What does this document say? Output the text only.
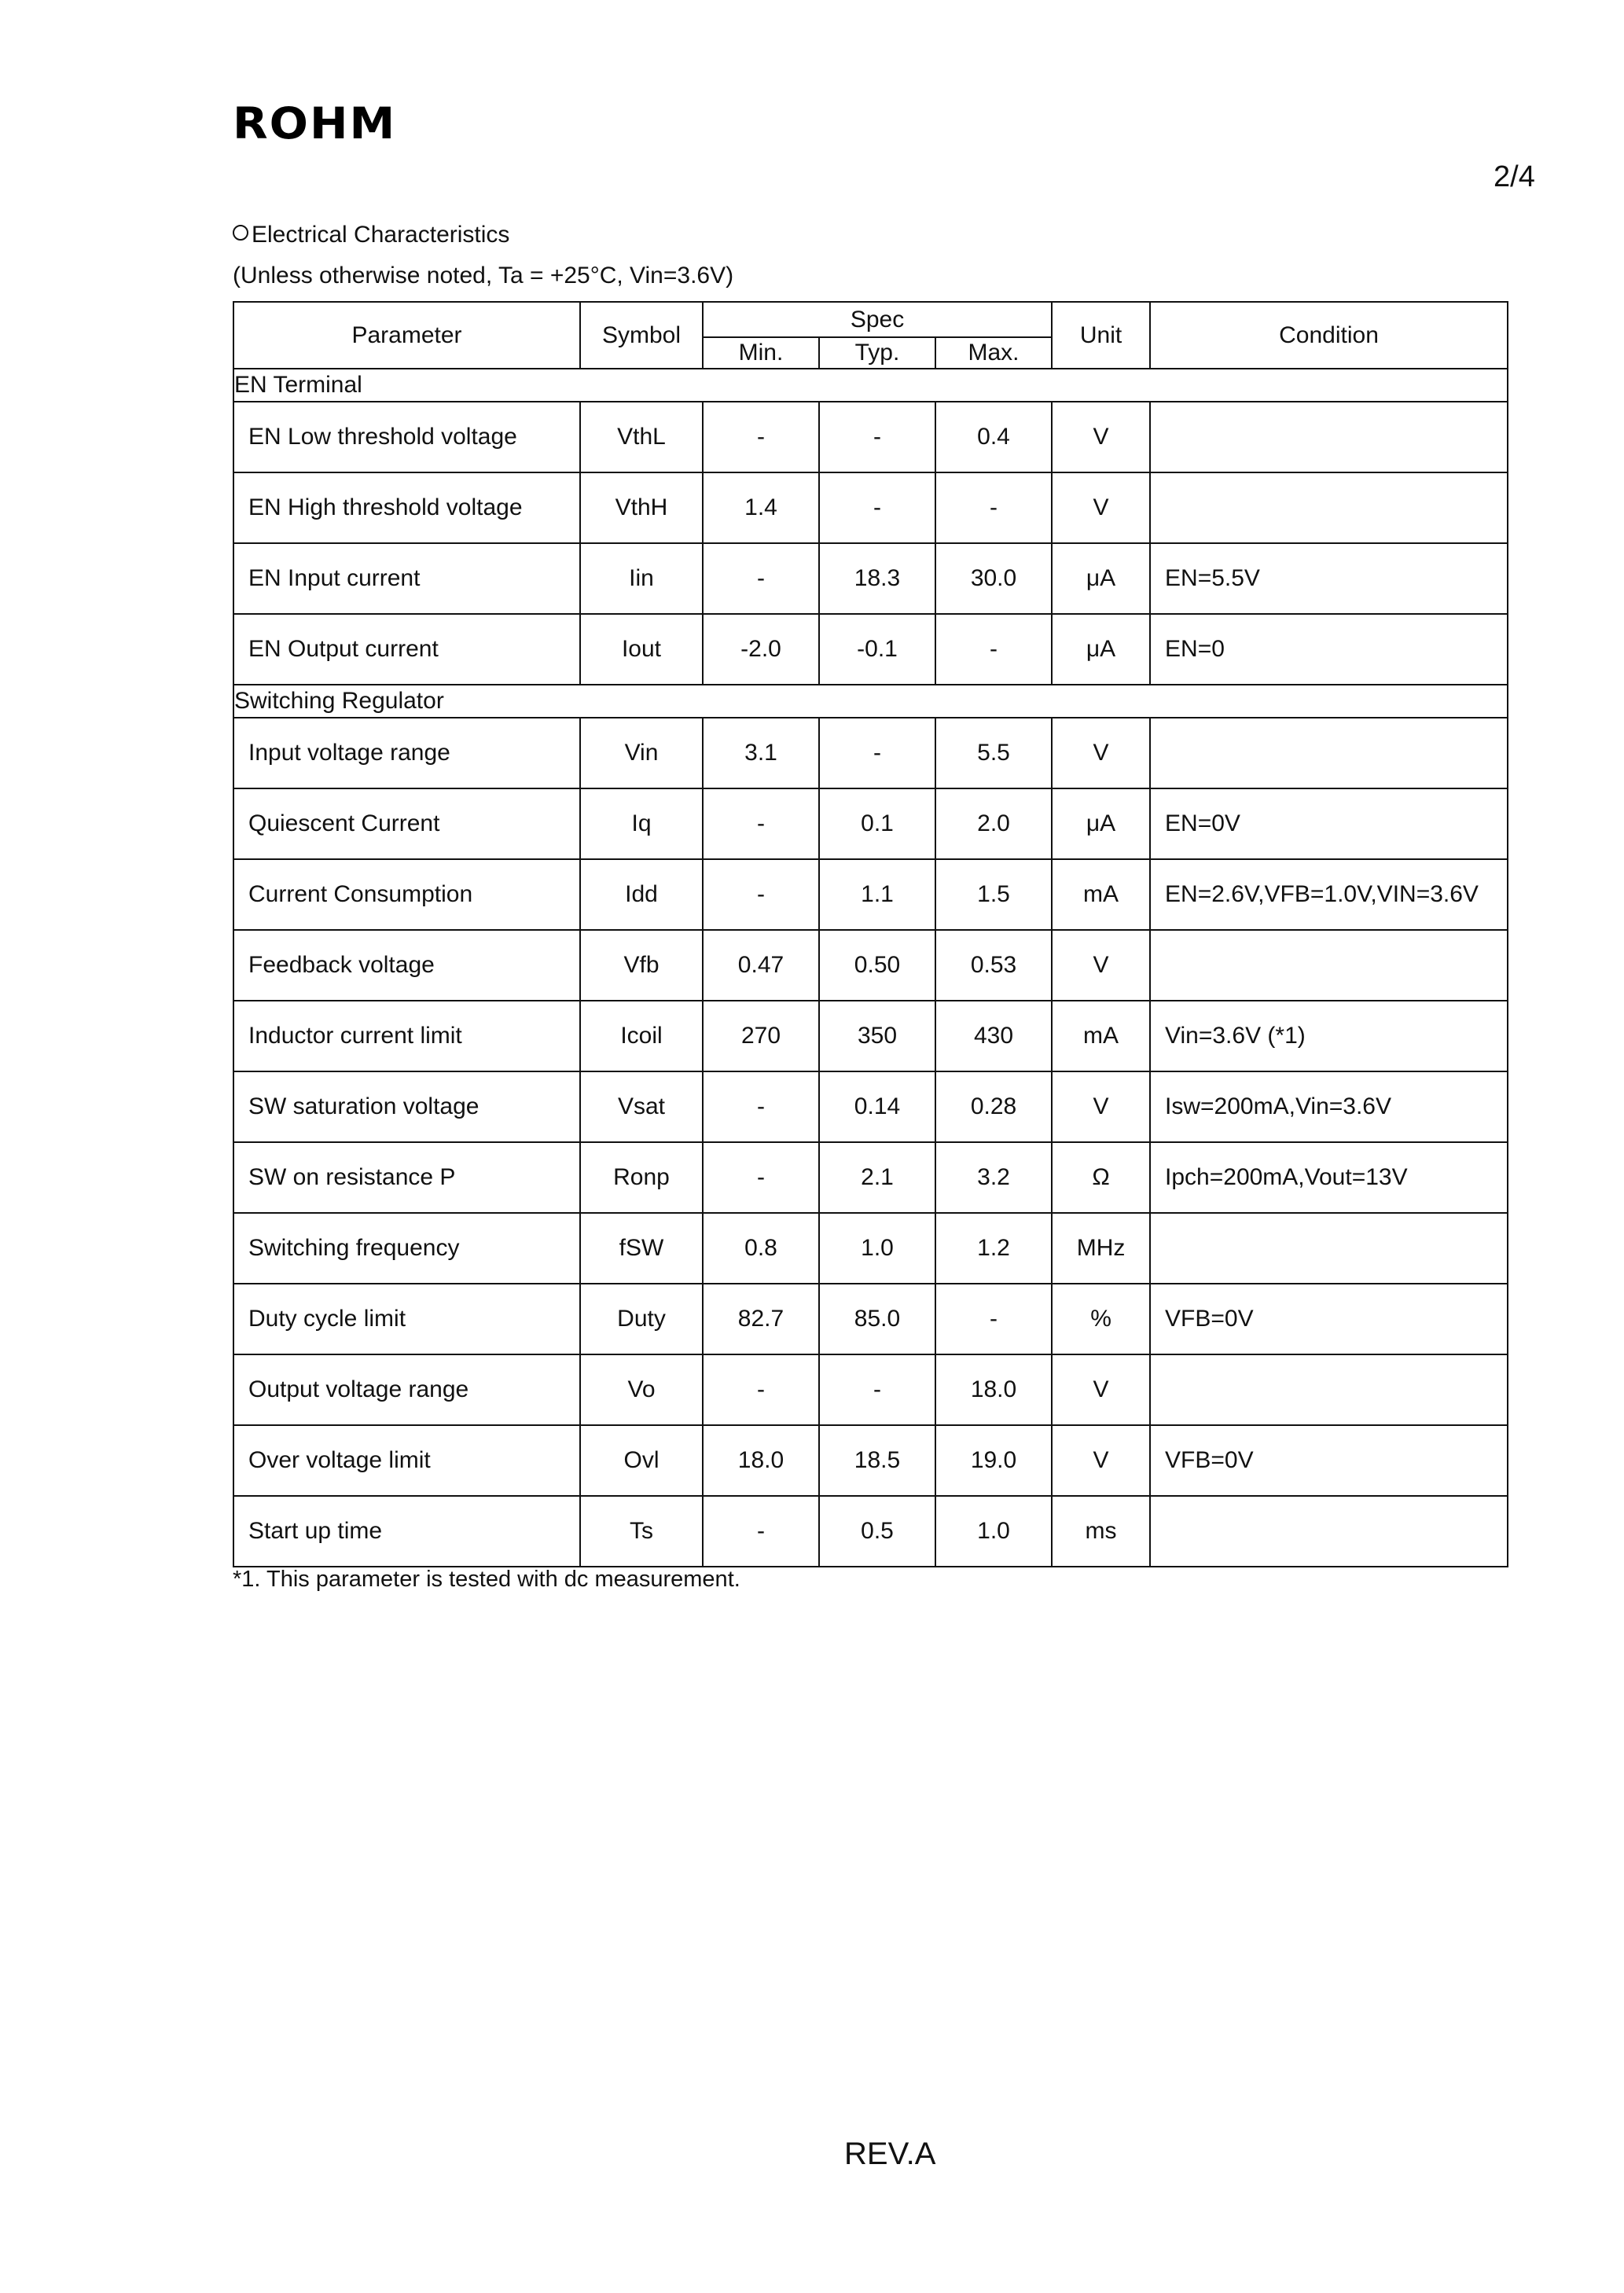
ROHM
2/4
Electrical Characteristics
(Unless otherwise noted, Ta = +25°C, Vin=3.6V)
Parameter	Symbol	Spec			Unit	Condition
		Min.	Typ.	Max.		
EN Terminal						
EN Low threshold voltage	VthL	-	-	0.4	V	
EN High threshold voltage	VthH	1.4	-	-	V	
EN Input current	Iin	-	18.3	30.0	μA	EN=5.5V
EN Output current	Iout	-2.0	-0.1	-	μA	EN=0
Switching Regulator						
Input voltage range	Vin	3.1	-	5.5	V	
Quiescent Current	Iq	-	0.1	2.0	μA	EN=0V
Current Consumption	Idd	-	1.1	1.5	mA	EN=2.6V,VFB=1.0V,VIN=3.6V
Feedback voltage	Vfb	0.47	0.50	0.53	V	
Inductor current limit	Icoil	270	350	430	mA	Vin=3.6V (*1)
SW saturation voltage	Vsat	-	0.14	0.28	V	Isw=200mA,Vin=3.6V
SW on resistance P	Ronp	-	2.1	3.2	Ω	Ipch=200mA,Vout=13V
Switching frequency	fSW	0.8	1.0	1.2	MHz	
Duty cycle limit	Duty	82.7	85.0	-	%	VFB=0V
Output voltage range	Vo	-	-	18.0	V	
Over voltage limit	Ovl	18.0	18.5	19.0	V	VFB=0V
Start up time	Ts	-	0.5	1.0	ms	
*1. This parameter is tested with dc measurement.
REV.A
